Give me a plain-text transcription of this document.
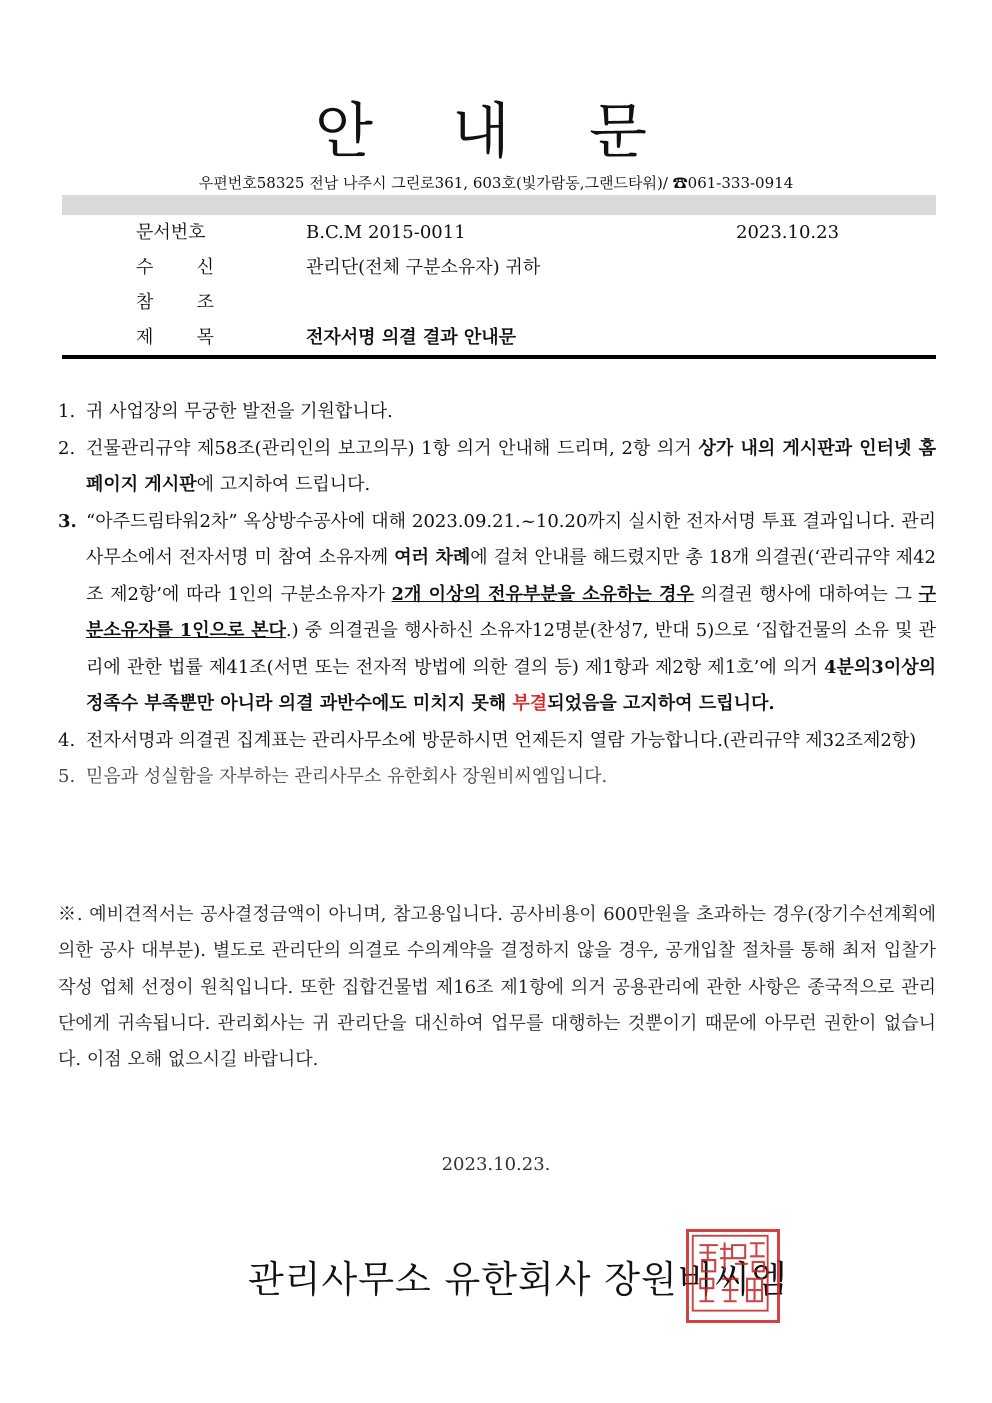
안 내 문
우편번호58325 전남 나주시 그린로361, 603호(빛가람동,그랜드타워)/ ☎061-333-0914
문서번호	B.C.M 2015-0011	2023.10.23
수 신	관리단(전체 구분소유자) 귀하
참 조
제 목	전자서명 의결 결과 안내문
1. 귀 사업장의 무궁한 발전을 기원합니다.
2. 건물관리규약 제58조(관리인의 보고의무) 1항 의거 안내해 드리며, 2항 의거 상가 내의 게시판과 인터넷 홈페이지 게시판에 고지하여 드립니다.
3. “아주드림타워2차” 옥상방수공사에 대해 2023.09.21.~10.20까지 실시한 전자서명 투표 결과입니다. 관리사무소에서 전자서명 미 참여 소유자께 여러 차례에 걸쳐 안내를 해드렸지만 총 18개 의결권(‘관리규약 제42조 제2항’에 따라 1인의 구분소유자가 2개 이상의 전유부분을 소유하는 경우 의결권 행사에 대하여는 그 구분소유자를 1인으로 본다.) 중 의결권을 행사하신 소유자12명분(찬성7, 반대 5)으로 ‘집합건물의 소유 및 관리에 관한 법률 제41조(서면 또는 전자적 방법에 의한 결의 등) 제1항과 제2항 제1호’에 의거 4분의3이상의 정족수 부족뿐만 아니라 의결 과반수에도 미치지 못해 부결되었음을 고지하여 드립니다.
4. 전자서명과 의결권 집계표는 관리사무소에 방문하시면 언제든지 열람 가능합니다.(관리규약 제32조제2항)
5. 믿음과 성실함을 자부하는 관리사무소 유한회사 장원비씨엠입니다.
※. 예비견적서는 공사결정금액이 아니며, 참고용입니다. 공사비용이 600만원을 초과하는 경우(장기수선계획에 의한 공사 대부분). 별도로 관리단의 의결로 수의계약을 결정하지 않을 경우, 공개입찰 절차를 통해 최저 입찰가 작성 업체 선정이 원칙입니다. 또한 집합건물법 제16조 제1항에 의거 공용관리에 관한 사항은 종국적으로 관리단에게 귀속됩니다. 관리회사는 귀 관리단을 대신하여 업무를 대행하는 것뿐이기 때문에 아무런 권한이 없습니다. 이점 오해 없으시길 바랍니다.
2023.10.23.
관리사무소 유한회사 장원비씨엠
